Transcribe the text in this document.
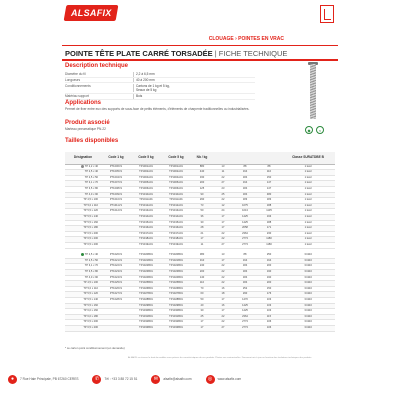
ALSAFIX
CLOUAGE › POINTES EN VRAC
POINTE TÊTE PLATE CARRÉ TORSADÉE | FICHE TECHNIQUE
Description technique
Diamètre du fil	2,2 à 6,5 mm
Longueurs	40 à 200 mm
Conditionnements	Cartons de 1 kg et 5 kg, Seaux de 5 kg
Matériau support	Bois
Applications
Permet de fixer entre eux des supports de sous-face de petits éléments, d'éléments de charpente traditionnelles ou industrialisées.
Produit associé
Marteau pneumatique PN-22	◆	≈
Tailles disponibles
Désignation	Code 1 kg	Code 5 kg	Code 5 kg	Nb / kg				Classe SURATDBE B
TP 2,2 x 40	PT1006V1	TP1001A01	TP1001A01	880	13	88	88	1 kwd
TP 2,5 x 40	PT1005V1	TP1002A01	TP1002A01	440	11	164	110	1 kwd
TP 2,5 x 50	PT1004V1	TP1004A01	TP1004A01	330	22	184	150	1 kwd
TP 3,1 x 70	PT1007V1	TP1005A01	TP1005A01	200	27	164	147	1 kwd
TP 3,5 x 80	PT1008V1	TP1006A01	TP1006A01	125	23	184	147	1 kwd
TP 4,0 x 90	PT1009V1	TP1010A01	TP1010A01	90	25	184	480	1 kwd
TP 4,5 x 100	PT1010V1	TP1011A01	TP1011A01	290	22	183	183	1 kwd
TP 5,0 x 110	PT1011V1	TP1012A01	TP1012A01	73	12	1075	188	1 kwd
TP 5,5 x 120	PT1012V1	TP1013A01	TP1013A01	50	24	1013	1135	1 kwd
TP 5,5 x 140		TP1014A01	TP1014A01	36	17	1425	193	1 kwd
TP 5,5 x 160		TP1015A01	TP1015A01	30	17	1425	188	1 kwd
TP 5,5 x 180		TP1016A01	TP1016A01	28	17	2058	171	1 kwd
TP 6,5 x 200		TP1017A01	TP1017A01	21	22	2364	230	1 kwd
TP 6,5 x 200		TP1018A01	TP1018A01	17	22	2773	1180	1 kwd
TP 6,5 x 200		TP1019A01	TP1019A01	11	27	2773	1180	1 kwd

TP 2,5 x 40	PT1020V1	TP1020B01	TP1020B01	380	13	88	250	3 kWd
TP 2,5 x 50	PT1021V1	TP1021B01	TP1021B01	310	17	164	164	3 kWd
TP 3,1 x 70	PT1022V1	TP1022B01	TP1022B01	240	22	184	200	3 kWd
TP 3,5 x 80	PT1023V1	TP1023B01	TP1023B01	200	22	184	190	3 kWd
TP 4,0 x 90	PT1024V1	TP1024B01	TP1024B01	140	22	184	190	3 kWd
TP 4,5 x 100	PT1025V1	TP1025B01	TP1025B01	110	22	184	200	3 kWd
TP 5,0 x 110	PT1026V1	TP1026B01	TP1026B01	70	16	252	150	3 kWd
TP 5,5 x 120	PT1027V1	TP1027B01	TP1027B01	60	18	290	176	3 kWd
TP 5,5 x 140	PT1028V1	TP1028B01	TP1028B01	50	17	1470	103	3 kWd
TP 5,5 x 160		TP1029B01	TP1029B01	40	16	1425	103	3 kWd
TP 6,0 x 160		TP1030B01	TP1030B01	30	17	1425	103	3 kWd
TP 6,0 x 180		TP1031B01	TP1031B01	25	22	2364	115	3 kWd
TP 6,5 x 200		TP1032B01	TP1032B01	17	22	2773	106	3 kWd
TP 6,5 x 200		TP1033B01	TP1033B01	17	27	2773	106	3 kWd
* ce carton point conditionnement (en demande)
ALSAFIX se réserve le droit de modifier sans préavis les caractéristiques de ses produits. Photos non contractuelles. Document mis à jour en fonction des évolutions techniques des produits.
●	7 Rue Haie Principale, PB 67260 CERES	✆	Tél : +33 3 88 72 15 51	✉	alsafix@alsafix.com	◎	www.alsafix.com
